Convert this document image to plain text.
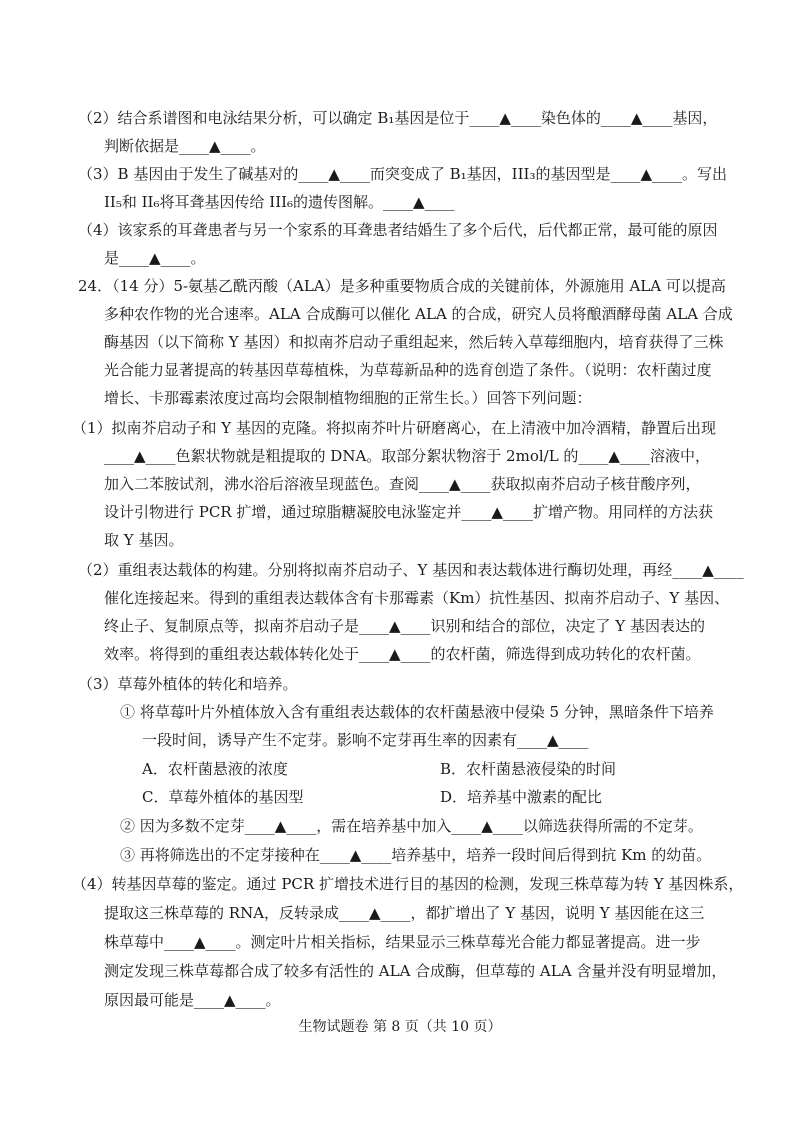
（2）结合系谱图和电泳结果分析，可以确定 B₁基因是位于____▲____染色体的____▲____基因，
判断依据是____▲____。
（3）B 基因由于发生了碱基对的____▲____而突变成了 B₁基因，III₃的基因型是____▲____。写出
II₅和 II₆将耳聋基因传给 III₆的遗传图解。____▲____
（4）该家系的耳聋患者与另一个家系的耳聋患者结婚生了多个后代，后代都正常，最可能的原因
是____▲____。
24．（14 分）5-氨基乙酰丙酸（ALA）是多种重要物质合成的关键前体，外源施用 ALA 可以提高
多种农作物的光合速率。ALA 合成酶可以催化 ALA 的合成，研究人员将酿酒酵母菌 ALA 合成
酶基因（以下简称 Y 基因）和拟南芥启动子重组起来，然后转入草莓细胞内，培育获得了三株
光合能力显著提高的转基因草莓植株，为草莓新品种的选育创造了条件。（说明：农杆菌过度
增长、卡那霉素浓度过高均会限制植物细胞的正常生长。）回答下列问题：
（1）拟南芥启动子和 Y 基因的克隆。将拟南芥叶片研磨离心，在上清液中加冷酒精，静置后出现
____▲____色絮状物就是粗提取的 DNA。取部分絮状物溶于 2mol/L 的____▲____溶液中，
加入二苯胺试剂，沸水浴后溶液呈现蓝色。查阅____▲____获取拟南芥启动子核苷酸序列，
设计引物进行 PCR 扩增，通过琼脂糖凝胶电泳鉴定并____▲____扩增产物。用同样的方法获
取 Y 基因。
（2）重组表达载体的构建。分别将拟南芥启动子、Y 基因和表达载体进行酶切处理，再经____▲____
催化连接起来。得到的重组表达载体含有卡那霉素（Km）抗性基因、拟南芥启动子、Y 基因、
终止子、复制原点等，拟南芥启动子是____▲____识别和结合的部位，决定了 Y 基因表达的
效率。将得到的重组表达载体转化处于____▲____的农杆菌，筛选得到成功转化的农杆菌。
（3）草莓外植体的转化和培养。
① 将草莓叶片外植体放入含有重组表达载体的农杆菌悬液中侵染 5 分钟，黑暗条件下培养
一段时间，诱导产生不定芽。影响不定芽再生率的因素有____▲____
A．农杆菌悬液的浓度	B．农杆菌悬液侵染的时间
C．草莓外植体的基因型	D．培养基中激素的配比
② 因为多数不定芽____▲____，需在培养基中加入____▲____以筛选获得所需的不定芽。
③ 再将筛选出的不定芽接种在____▲____培养基中，培养一段时间后得到抗 Km 的幼苗。
（4）转基因草莓的鉴定。通过 PCR 扩增技术进行目的基因的检测，发现三株草莓为转 Y 基因株系，
提取这三株草莓的 RNA，反转录成____▲____，都扩增出了 Y 基因，说明 Y 基因能在这三
株草莓中____▲____。测定叶片相关指标，结果显示三株草莓光合能力都显著提高。进一步
测定发现三株草莓都合成了较多有活性的 ALA 合成酶，但草莓的 ALA 含量并没有明显增加，
原因最可能是____▲____。
生物试题卷 第 8 页（共 10 页）
